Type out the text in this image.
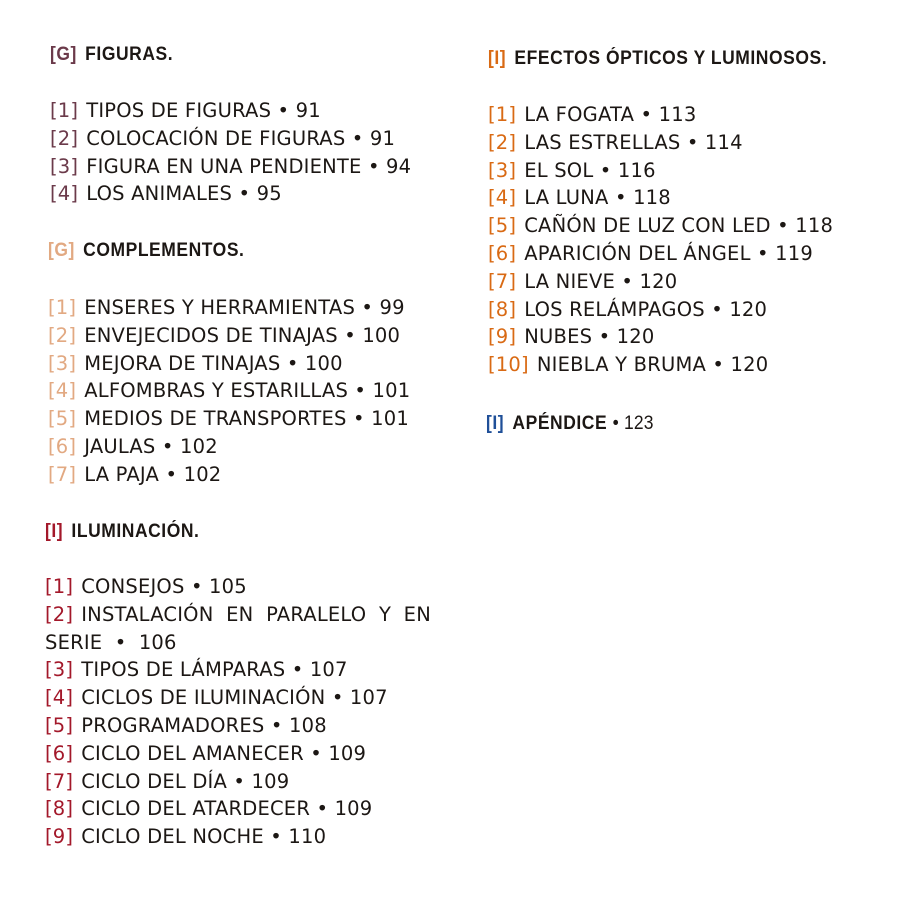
[G] FIGURAS.
[1] TIPOS DE FIGURAS • 91
[2] COLOCACIÓN DE FIGURAS • 91
[3] FIGURA EN UNA PENDIENTE • 94
[4] LOS ANIMALES • 95
[G] COMPLEMENTOS.
[1] ENSERES Y HERRAMIENTAS • 99
[2] ENVEJECIDOS DE TINAJAS • 100
[3] MEJORA DE TINAJAS • 100
[4] ALFOMBRAS Y ESTARILLAS • 101
[5] MEDIOS DE TRANSPORTES • 101
[6] JAULAS • 102
[7] LA PAJA • 102
[I] ILUMINACIÓN.
[1] CONSEJOS • 105
[2] INSTALACIÓN EN PARALELO Y EN SERIE • 106
[3] TIPOS DE LÁMPARAS • 107
[4] CICLOS DE ILUMINACIÓN • 107
[5] PROGRAMADORES • 108
[6] CICLO DEL AMANECER • 109
[7] CICLO DEL DÍA • 109
[8] CICLO DEL ATARDECER • 109
[9] CICLO DEL NOCHE • 110
[I] EFECTOS ÓPTICOS Y LUMINOSOS.
[1] LA FOGATA • 113
[2] LAS ESTRELLAS • 114
[3] EL SOL • 116
[4] LA LUNA • 118
[5] CAÑÓN DE LUZ CON LED • 118
[6] APARICIÓN DEL ÁNGEL • 119
[7] LA NIEVE • 120
[8] LOS RELÁMPAGOS • 120
[9] NUBES • 120
[10] NIEBLA Y BRUMA • 120
[I] APÉNDICE • 123
